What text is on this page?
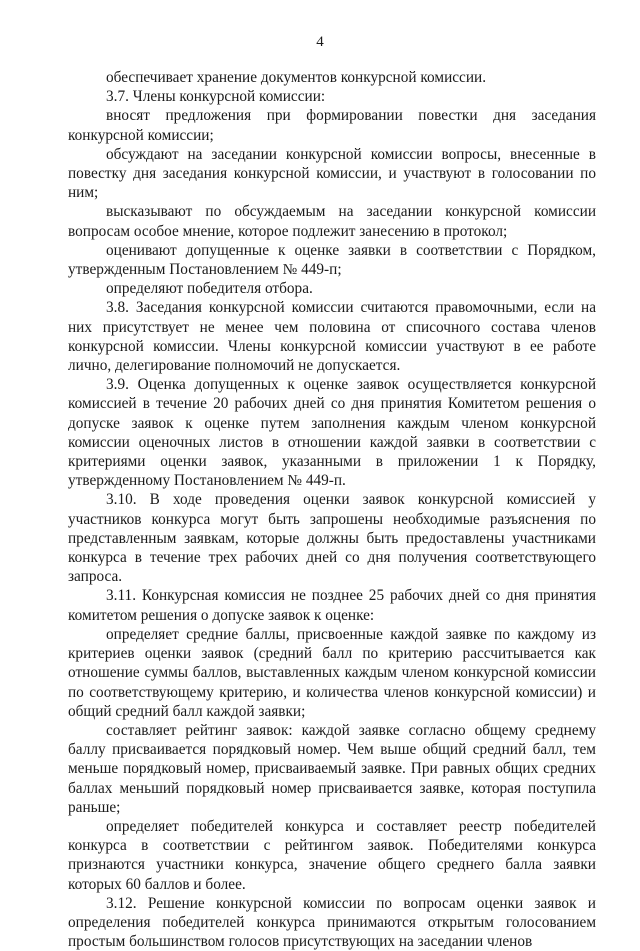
4

обеспечивает хранение документов конкурсной комиссии.

3.7. Члены конкурсной комиссии:

вносят предложения при формировании повестки дня заседания конкурсной комиссии;

обсуждают на заседании конкурсной комиссии вопросы, внесенные в повестку дня заседания конкурсной комиссии, и участвуют в голосовании по ним;

высказывают по обсуждаемым на заседании конкурсной комиссии вопросам особое мнение, которое подлежит занесению в протокол;

оценивают допущенные к оценке заявки в соответствии с Порядком, утвержденным Постановлением № 449-п;

определяют победителя отбора.

3.8. Заседания конкурсной комиссии считаются правомочными, если на них присутствует не менее чем половина от списочного состава членов конкурсной комиссии. Члены конкурсной комиссии участвуют в ее работе лично, делегирование полномочий не допускается.

3.9. Оценка допущенных к оценке заявок осуществляется конкурсной комиссией в течение 20 рабочих дней со дня принятия Комитетом решения о допуске заявок к оценке путем заполнения каждым членом конкурсной комиссии оценочных листов в отношении каждой заявки в соответствии с критериями оценки заявок, указанными в приложении 1 к Порядку, утвержденному Постановлением № 449-п.

3.10. В ходе проведения оценки заявок конкурсной комиссией у участников конкурса могут быть запрошены необходимые разъяснения по представленным заявкам, которые должны быть предоставлены участниками конкурса в течение трех рабочих дней со дня получения соответствующего запроса.

3.11. Конкурсная комиссия не позднее 25 рабочих дней со дня принятия комитетом решения о допуске заявок к оценке:

определяет средние баллы, присвоенные каждой заявке по каждому из критериев оценки заявок (средний балл по критерию рассчитывается как отношение суммы баллов, выставленных каждым членом конкурсной комиссии по соответствующему критерию, и количества членов конкурсной комиссии) и общий средний балл каждой заявки;

составляет рейтинг заявок: каждой заявке согласно общему среднему баллу присваивается порядковый номер. Чем выше общий средний балл, тем меньше порядковый номер, присваиваемый заявке. При равных общих средних баллах меньший порядковый номер присваивается заявке, которая поступила раньше;

определяет победителей конкурса и составляет реестр победителей конкурса в соответствии с рейтингом заявок. Победителями конкурса признаются участники конкурса, значение общего среднего балла заявки которых 60 баллов и более.

3.12. Решение конкурсной комиссии по вопросам оценки заявок и определения победителей конкурса принимаются открытым голосованием простым большинством голосов присутствующих на заседании членов
